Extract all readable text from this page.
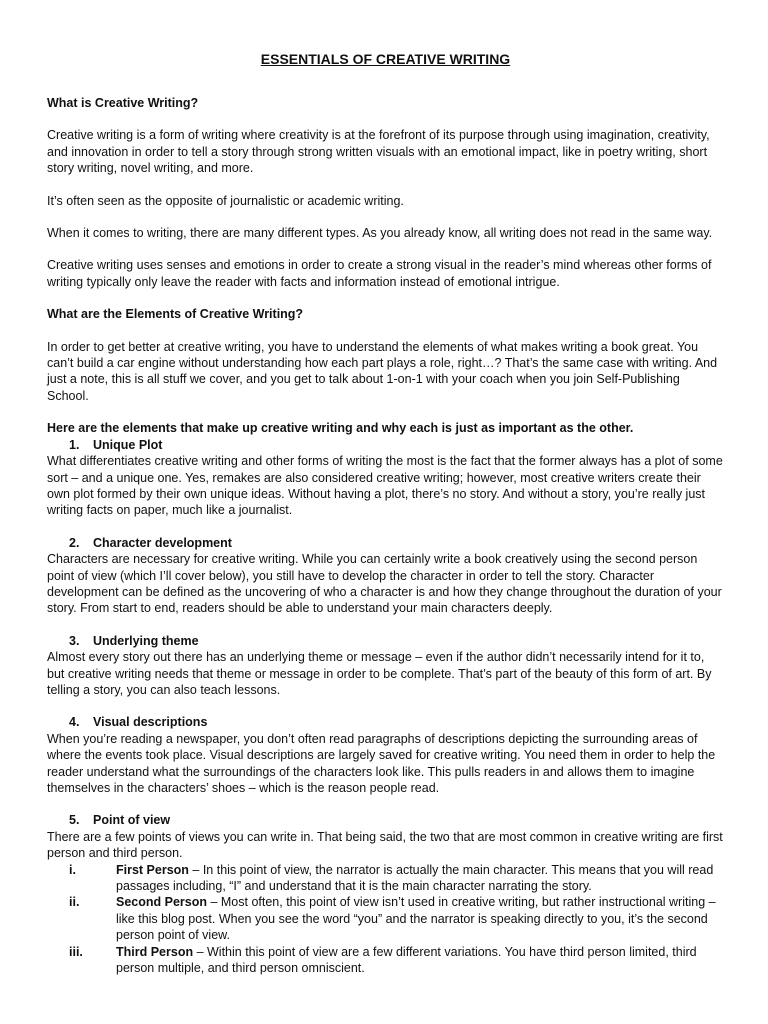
ESSENTIALS OF CREATIVE WRITING
What is Creative Writing?

Creative writing is a form of writing where creativity is at the forefront of its purpose through using imagination, creativity, and innovation in order to tell a story through strong written visuals with an emotional impact, like in poetry writing, short story writing, novel writing, and more.

It’s often seen as the opposite of journalistic or academic writing.

When it comes to writing, there are many different types. As you already know, all writing does not read in the same way.

Creative writing uses senses and emotions in order to create a strong visual in the reader’s mind whereas other forms of writing typically only leave the reader with facts and information instead of emotional intrigue.

What are the Elements of Creative Writing?

In order to get better at creative writing, you have to understand the elements of what makes writing a book great. You can’t build a car engine without understanding how each part plays a role, right…? That’s the same case with writing. And just a note, this is all stuff we cover, and you get to talk about 1-on-1 with your coach when you join Self-Publishing School.

Here are the elements that make up creative writing and why each is just as important as the other.
1. Unique Plot
What differentiates creative writing and other forms of writing the most is the fact that the former always has a plot of some sort – and a unique one. Yes, remakes are also considered creative writing; however, most creative writers create their own plot formed by their own unique ideas. Without having a plot, there’s no story. And without a story, you’re really just writing facts on paper, much like a journalist.
2. Character development
Characters are necessary for creative writing. While you can certainly write a book creatively using the second person point of view (which I’ll cover below), you still have to develop the character in order to tell the story. Character development can be defined as the uncovering of who a character is and how they change throughout the duration of your story. From start to end, readers should be able to understand your main characters deeply.
3. Underlying theme
Almost every story out there has an underlying theme or message – even if the author didn’t necessarily intend for it to, but creative writing needs that theme or message in order to be complete. That’s part of the beauty of this form of art. By telling a story, you can also teach lessons.
4. Visual descriptions
When you’re reading a newspaper, you don’t often read paragraphs of descriptions depicting the surrounding areas of where the events took place. Visual descriptions are largely saved for creative writing. You need them in order to help the reader understand what the surroundings of the characters look like. This pulls readers in and allows them to imagine themselves in the characters’ shoes – which is the reason people read.
5. Point of view
There are a few points of views you can write in. That being said, the two that are most common in creative writing are first person and third person.
i.	First Person – In this point of view, the narrator is actually the main character. This means that you will read passages including, “I” and understand that it is the main character narrating the story.
ii.	Second Person – Most often, this point of view isn’t used in creative writing, but rather instructional writing – like this blog post. When you see the word “you” and the narrator is speaking directly to you, it’s the second person point of view.
iii.	Third Person – Within this point of view are a few different variations. You have third person limited, third person multiple, and third person omniscient.
